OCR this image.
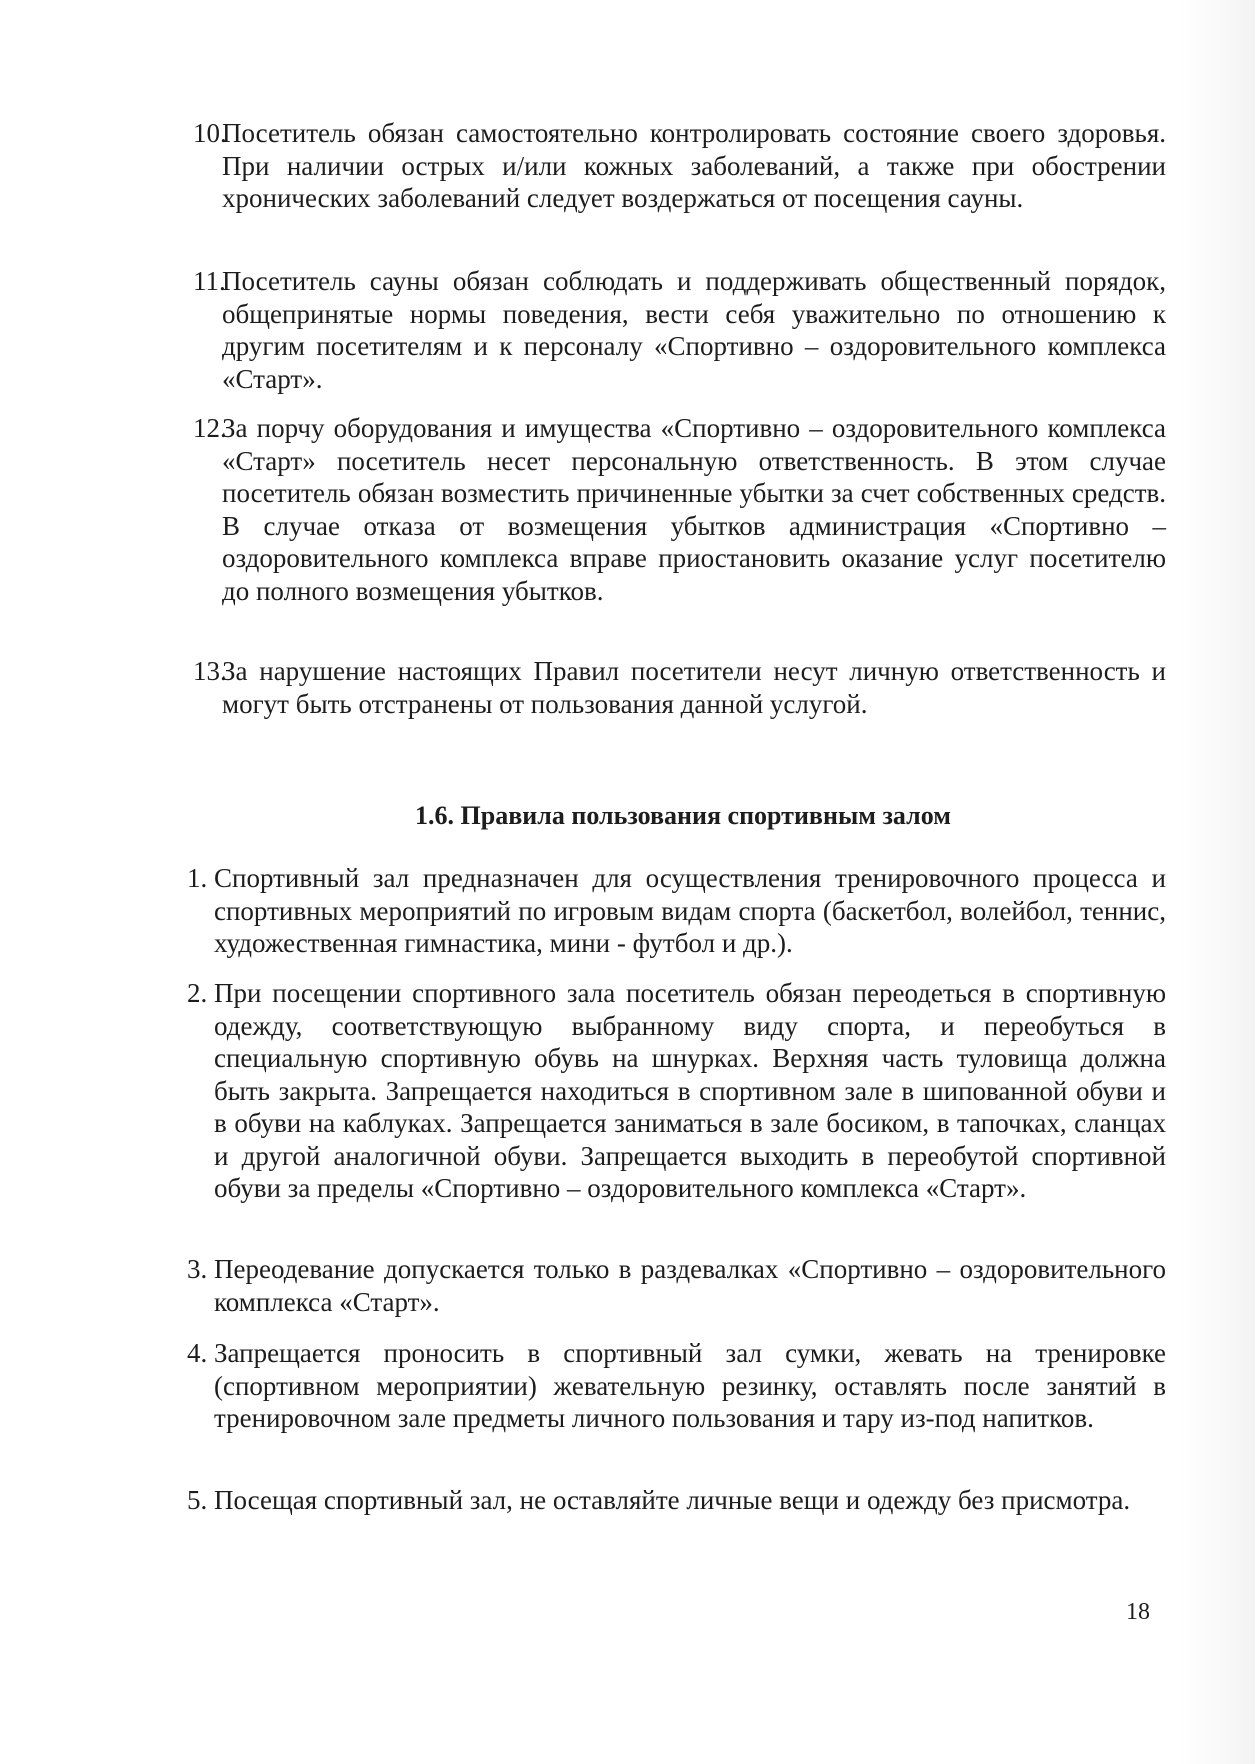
10.
Посетитель обязан самостоятельно контролировать состояние своего здоровья. При наличии острых и/или кожных заболеваний, а также при обострении хронических заболеваний следует воздержаться от посещения сауны.
11.
Посетитель сауны обязан соблюдать и поддерживать общественный порядок, общепринятые нормы поведения, вести себя уважительно по отношению к другим посетителям и к персоналу «Спортивно – оздоровительного комплекса «Старт».
12.
За порчу оборудования и имущества «Спортивно – оздоровительного комплекса «Старт» посетитель несет персональную ответственность. В этом случае посетитель обязан возместить причиненные убытки за счет собственных средств. В случае отказа от возмещения убытков администрация «Спортивно – оздоровительного комплекса вправе приостановить оказание услуг посетителю до полного возмещения убытков.
13.
За нарушение настоящих Правил посетители несут личную ответственность и могут быть отстранены от пользования данной услугой.
1.6. Правила пользования спортивным залом
1. Спортивный зал предназначен для осуществления тренировочного процесса и спортивных мероприятий по игровым видам спорта (баскетбол, волейбол, теннис, художественная гимнастика, мини - футбол и др.).
2. При посещении спортивного зала посетитель обязан переодеться в спортивную одежду, соответствующую выбранному виду спорта, и переобуться в специальную спортивную обувь на шнурках. Верхняя часть туловища должна быть закрыта. Запрещается находиться в спортивном зале в шипованной обуви и в обуви на каблуках. Запрещается заниматься в зале босиком, в тапочках, сланцах и другой аналогичной обуви. Запрещается выходить в переобутой спортивной обуви за пределы «Спортивно – оздоровительного комплекса «Старт».
3. Переодевание допускается только в раздевалках «Спортивно – оздоровительного комплекса «Старт».
4. Запрещается проносить в спортивный зал сумки, жевать на тренировке (спортивном мероприятии) жевательную резинку, оставлять после занятий в тренировочном зале предметы личного пользования и тару из-под напитков.
5. Посещая спортивный зал, не оставляйте личные вещи и одежду без присмотра.
18
